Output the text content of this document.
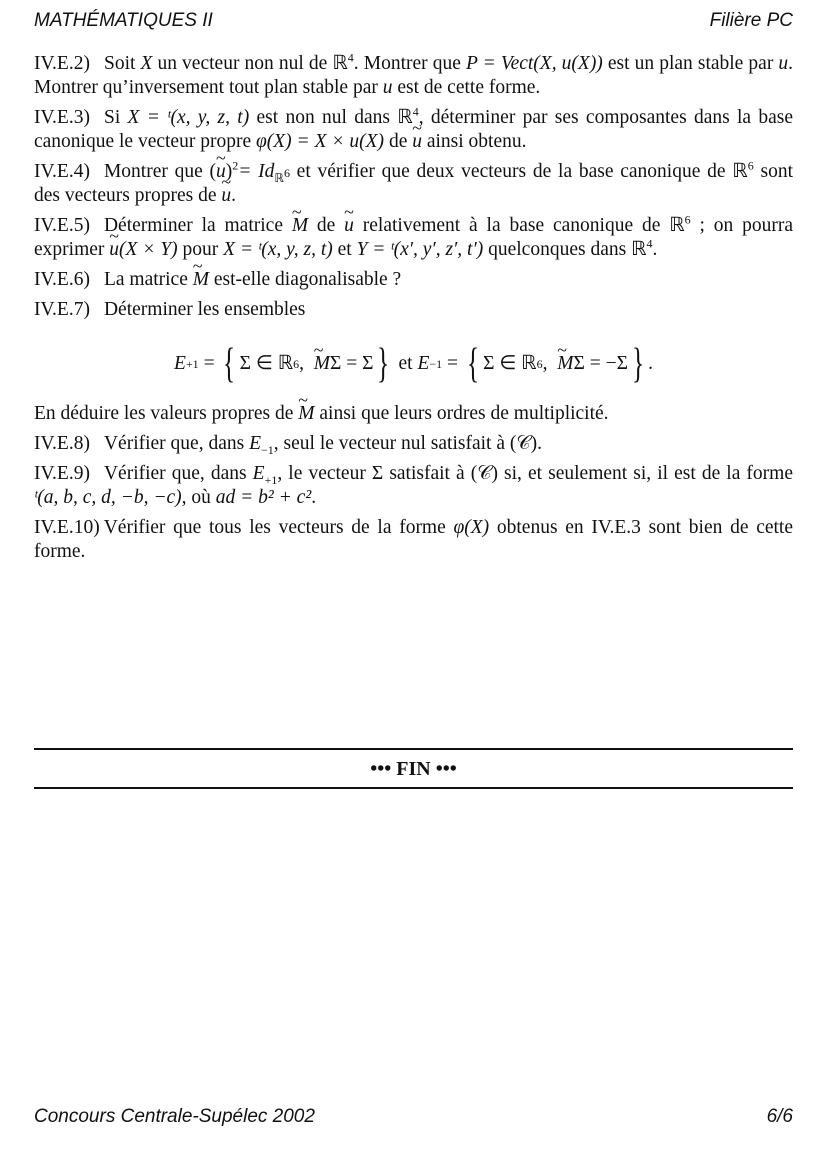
MATHÉMATIQUES II	Filière PC

IV.E.2) Soit X un vecteur non nul de ℝ$^4$. Montrer que P = Vect(X, u(X)) est un plan stable par u. Montrer qu’inversement tout plan stable par u est de cette forme.

IV.E.3) Si X = ᵗ(x, y, z, t) est non nul dans ℝ$^4$, déterminer par ses composantes dans la base canonique le vecteur propre φ(X) = X × u(X) de ~ u ainsi obtenu.

IV.E.4) Montrer que (~ $u)^2= Id_{ℝ^6}$ et vérifier que deux vecteurs de la base canonique de ℝ$^6$ sont des vecteurs propres de ~ u.

IV.E.5) Déterminer la matrice ~ M de ~ u relativement à la base canonique de ℝ$^6$ ; on pourra exprimer ~ u(X × Y) pour X = ᵗ(x, y, z, t) et Y = ᵗ(x′, y′, z′, t′) quelconques dans ℝ$^4$.

IV.E.6) La matrice ~ M est-elle diagonalisable ?

IV.E.7) Déterminer les ensembles

E +1
=
{ Σ ∈ ℝ 6 ,
~ M Σ = Σ }
et
E −1
=
{ Σ ∈ ℝ 6 ,
~ M Σ = −Σ } .

En déduire les valeurs propres de ~ M ainsi que leurs ordres de multiplicité.

IV.E.8) Vérifier que, dans $E_{-1}$, seul le vecteur nul satisfait à (𝒞).

IV.E.9) Vérifier que, dans $E_{+1}$, le vecteur Σ satisfait à (𝒞) si, et seulement si, il est de la forme ᵗ(a, b, c, d, −b, −c), où ad = b² + c².

IV.E.10) Vérifier que tous les vecteurs de la forme φ(X) obtenus en IV.E.3 sont bien de cette forme.

••• FIN •••
Concours Centrale-Supélec 2002	6/6
